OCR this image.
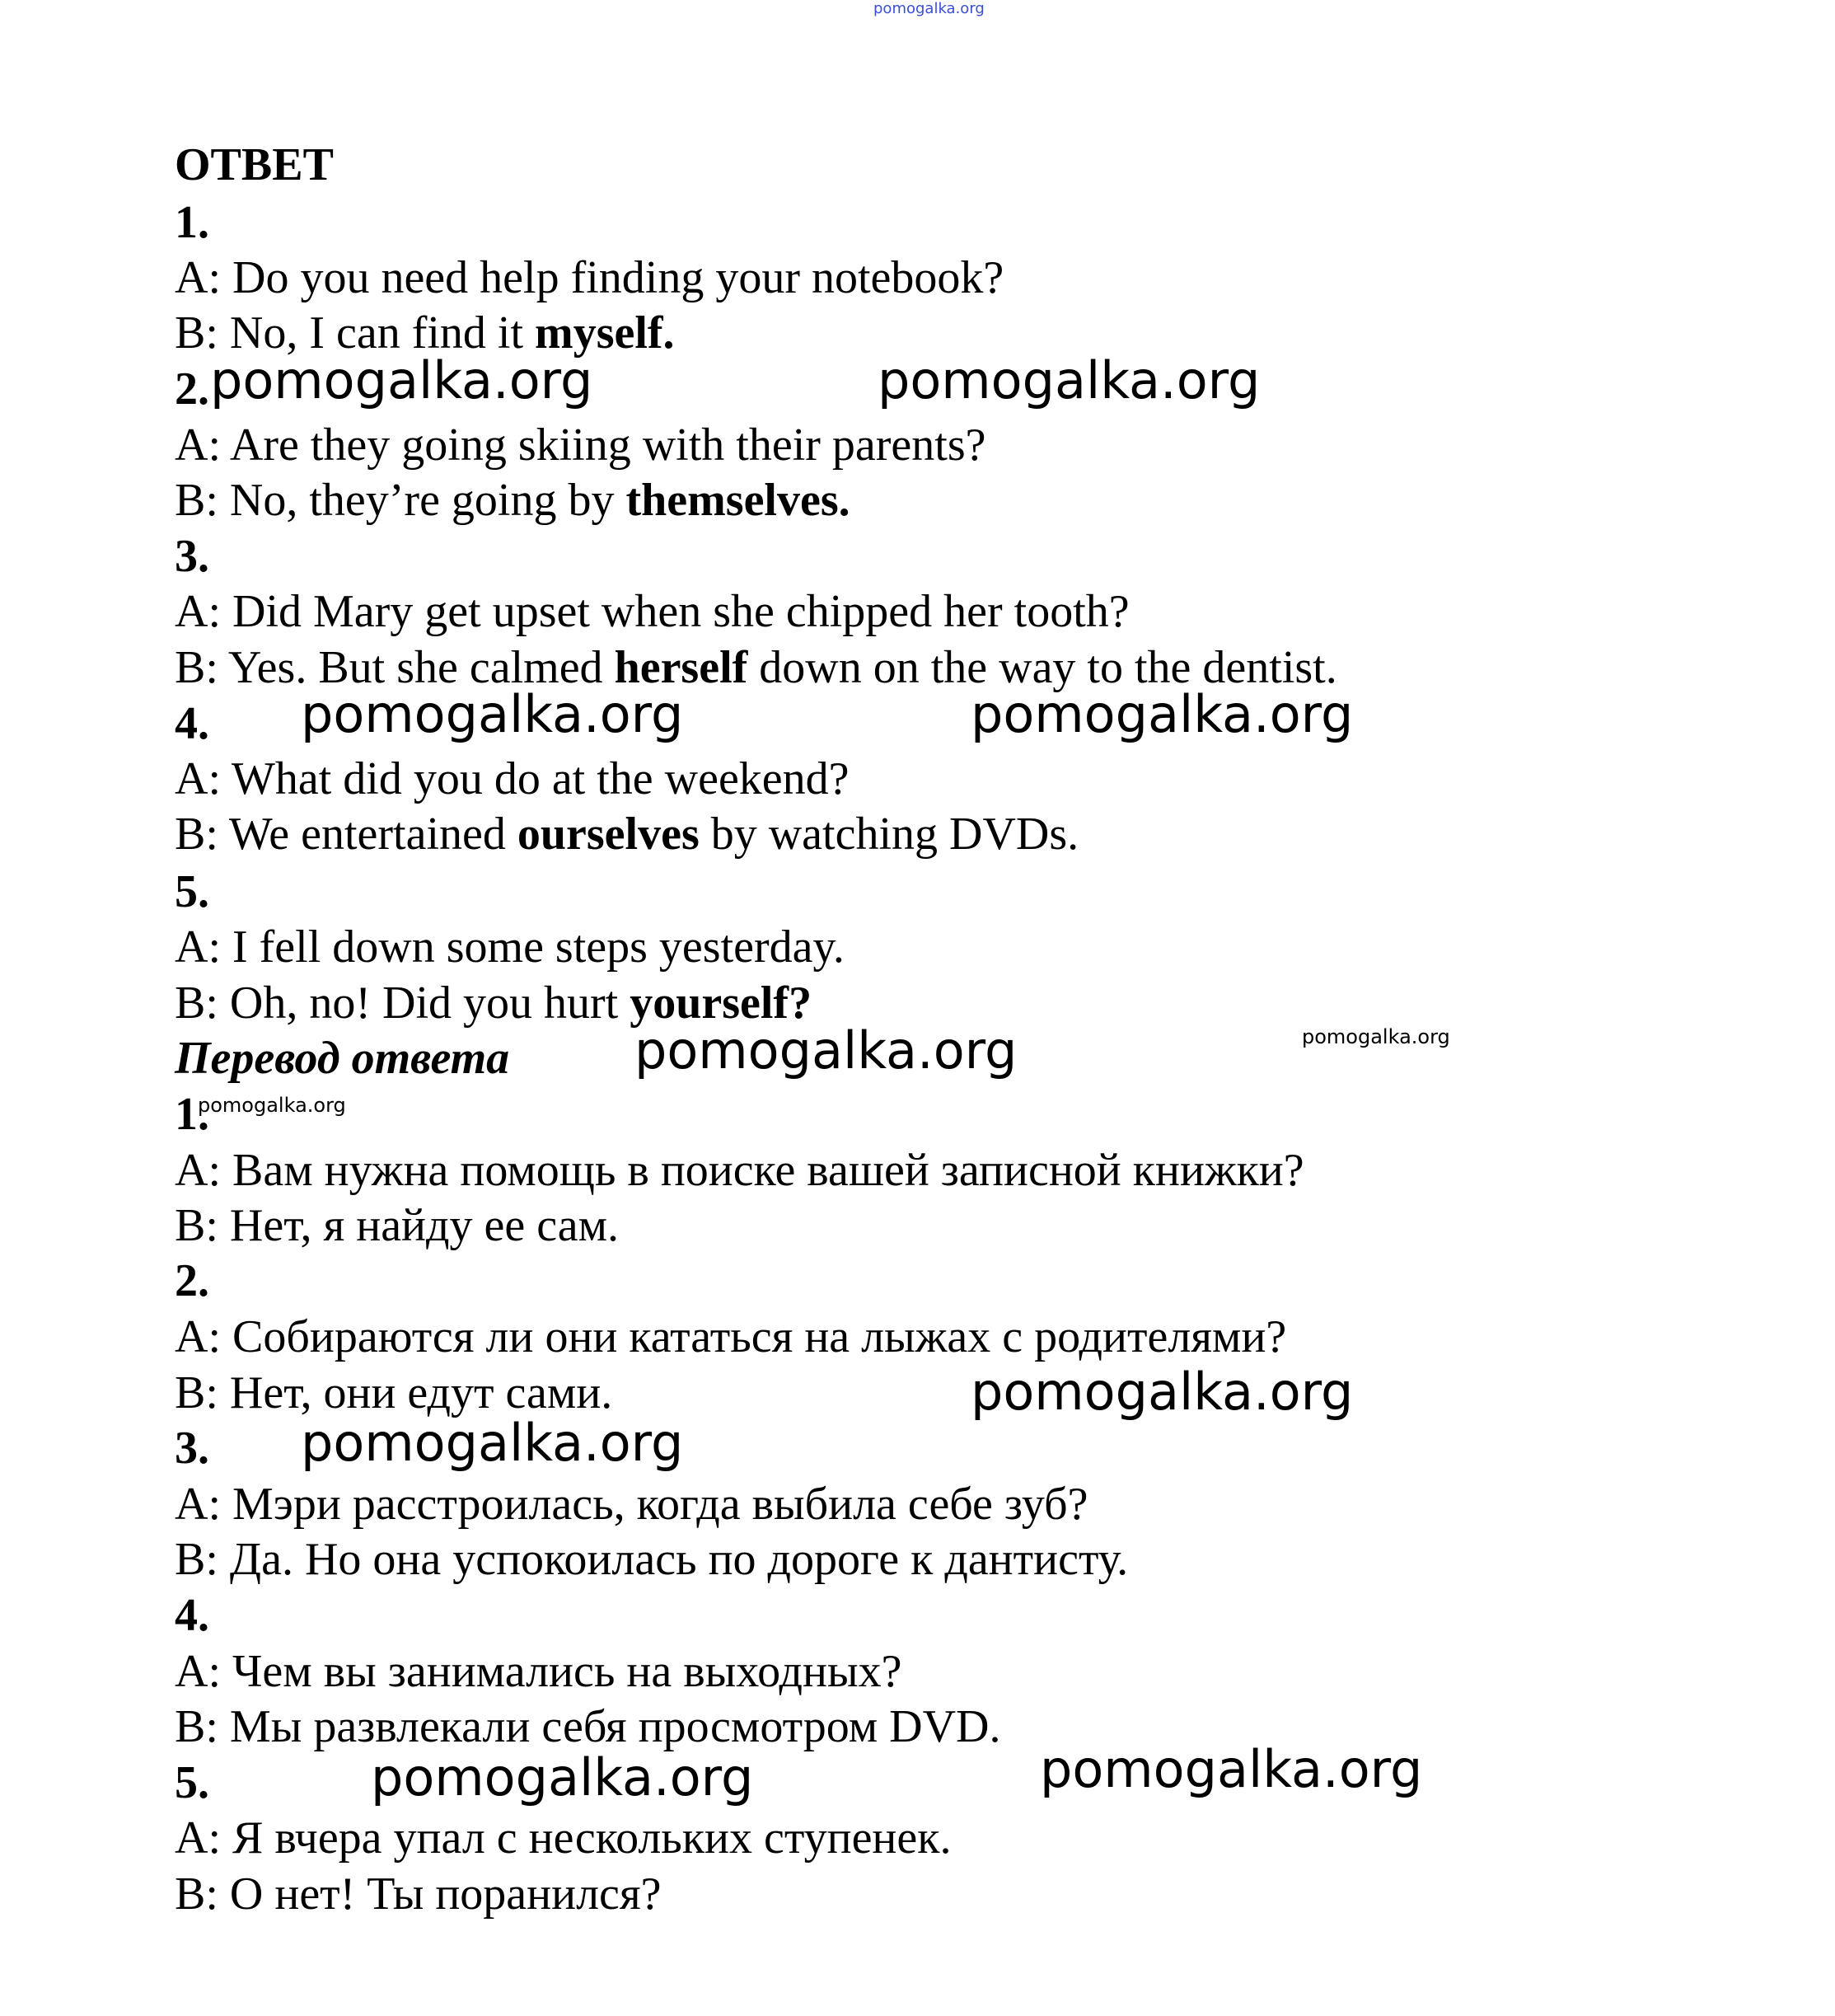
pomogalka.org
ОТВЕТ
1.
A: Do you need help finding your notebook?
B: No, I can find it myself.
2.
A: Are they going skiing with their parents?
B: No, they’re going by themselves.
3.
A: Did Mary get upset when she chipped her tooth?
B: Yes. But she calmed herself down on the way to the dentist.
4.
A: What did you do at the weekend?
B: We entertained ourselves by watching DVDs.
5.
A: I fell down some steps yesterday.
B: Oh, no! Did you hurt yourself?
Перевод ответа
1.
A: Вам нужна помощь в поиске вашей записной книжки?
B: Нет, я найду ее сам.
2.
A: Собираются ли они кататься на лыжах с родителями?
B: Нет, они едут сами.
3.
A: Мэри расстроилась, когда выбила себе зуб?
B: Да. Но она успокоилась по дороге к дантисту.
4.
A: Чем вы занимались на выходных?
B: Мы развлекали себя просмотром DVD.
5.
A: Я вчера упал с нескольких ступенек.
B: О нет! Ты поранился?
pomogalka.org	pomogalka.org
pomogalka.org	pomogalka.org
pomogalka.org	pomogalka.org
pomogalka.org
pomogalka.org
pomogalka.org
pomogalka.org
pomogalka.org
